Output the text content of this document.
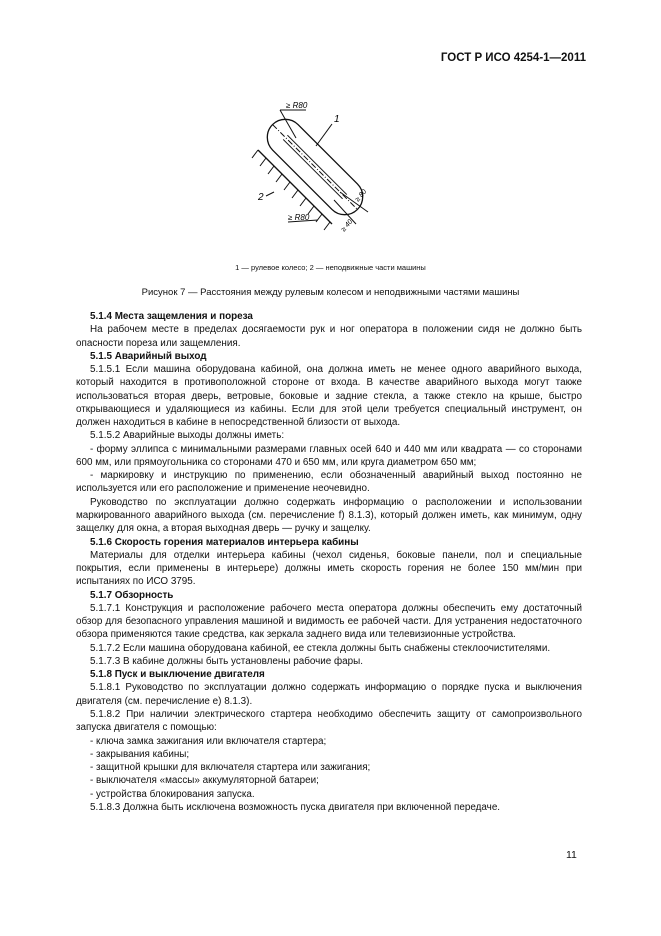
ГОСТ Р ИСО 4254-1—2011
≥ R80
≥ R80
1
2	≥ 80
≥ 40
1 — рулевое колесо; 2 — неподвижные части машины
Рисунок 7 — Расстояния между рулевым колесом и неподвижными частями машины

5.1.4 Места защемления и пореза

На рабочем месте в пределах досягаемости рук и ног оператора в положении сидя не должно быть опасности пореза или защемления.

5.1.5 Аварийный выход

5.1.5.1 Если машина оборудована кабиной, она должна иметь не менее одного аварийного выхода, который находится в противоположной стороне от входа. В качестве аварийного выхода могут также использоваться вторая дверь, ветровые, боковые и задние стекла, а также стекло на крыше, быстро открывающиеся и удаляющиеся из кабины. Если для этой цели требуется специальный инструмент, он должен находиться в кабине в непосредственной близости от выхода.

5.1.5.2 Аварийные выходы должны иметь:

- форму эллипса с минимальными размерами главных осей 640 и 440 мм или квадрата — со сторонами 600 мм, или прямоугольника со сторонами 470 и 650 мм, или круга диаметром 650 мм;

- маркировку и инструкцию по применению, если обозначенный аварийный выход постоянно не используется или его расположение и применение неочевидно.

Руководство по эксплуатации должно содержать информацию о расположении и использовании маркированного аварийного выхода (см. перечисление f) 8.1.3), который должен иметь, как минимум, одну защелку для окна, а вторая выходная дверь — ручку и защелку.

5.1.6 Скорость горения материалов интерьера кабины

Материалы для отделки интерьера кабины (чехол сиденья, боковые панели, пол и специальные покрытия, если применены в интерьере) должны иметь скорость горения не более 150 мм/мин при испытаниях по ИСО 3795.

5.1.7 Обзорность

5.1.7.1 Конструкция и расположение рабочего места оператора должны обеспечить ему достаточный обзор для безопасного управления машиной и видимость ее рабочей части. Для устранения недостаточного обзора применяются такие средства, как зеркала заднего вида или телевизионные устройства.

5.1.7.2 Если машина оборудована кабиной, ее стекла должны быть снабжены стеклоочистителями.

5.1.7.3 В кабине должны быть установлены рабочие фары.

5.1.8 Пуск и выключение двигателя

5.1.8.1 Руководство по эксплуатации должно содержать информацию о порядке пуска и выключения двигателя (см. перечисление е) 8.1.3).

5.1.8.2 При наличии электрического стартера необходимо обеспечить защиту от самопроизвольного запуска двигателя с помощью:

- ключа замка зажигания или включателя стартера;

- закрывания кабины;

- защитной крышки для включателя стартера или зажигания;

- выключателя «массы» аккумуляторной батареи;

- устройства блокирования запуска.

5.1.8.3 Должна быть исключена возможность пуска двигателя при включенной передаче.

11
